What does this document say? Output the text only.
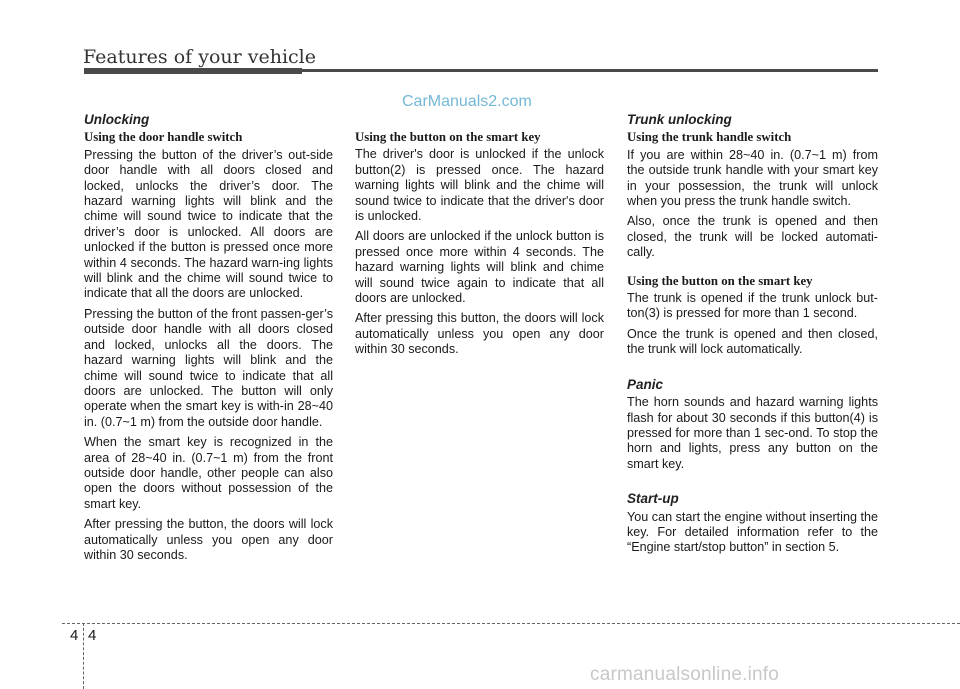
Features of your vehicle
CarManuals2.com
Unlocking
Using the door handle switch

Pressing the button of the driver’s out-side door handle with all doors closed and locked, unlocks the driver’s door. The hazard warning lights will blink and the chime will sound twice to indicate that the driver’s door is unlocked. All doors are unlocked if the button is pressed once more within 4 seconds. The hazard warn-ing lights will blink and the chime will sound twice to indicate that all the doors are unlocked.

Pressing the button of the front passen-ger’s outside door handle with all doors closed and locked, unlocks all the doors. The hazard warning lights will blink and the chime will sound twice to indicate that all doors are unlocked. The button will only operate when the smart key is with-in 28~40 in. (0.7~1 m) from the outside door handle.

When the smart key is recognized in the area of 28~40 in. (0.7~1 m) from the front outside door handle, other people can also open the doors without possession of the smart key.

After pressing the button, the doors will lock automatically unless you open any door within 30 seconds.

Using the button on the smart key

The driver's door is unlocked if the unlock button(2) is pressed once. The hazard warning lights will blink and the chime will sound twice to indicate that the driver's door is unlocked.

All doors are unlocked if the unlock button is pressed once more within 4 seconds. The hazard warning lights will blink and chime will sound twice again to indicate that all doors are unlocked.

After pressing this button, the doors will lock automatically unless you open any door within 30 seconds.

Trunk unlocking
Using the trunk handle switch

If you are within 28~40 in. (0.7~1 m) from the outside trunk handle with your smart key in your possession, the trunk will unlock when you press the trunk handle switch.

Also, once the trunk is opened and then closed, the trunk will be locked automati-cally.

Using the button on the smart key

The trunk is opened if the trunk unlock but-ton(3) is pressed for more than 1 second.

Once the trunk is opened and then closed, the trunk will lock automatically.

Panic

The horn sounds and hazard warning lights flash for about 30 seconds if this button(4) is pressed for more than 1 sec-ond. To stop the horn and lights, press any button on the smart key.

Start-up

You can start the engine without inserting the key. For detailed information refer to the “Engine start/stop button” in section 5.

4 4
carmanualsonline.info
